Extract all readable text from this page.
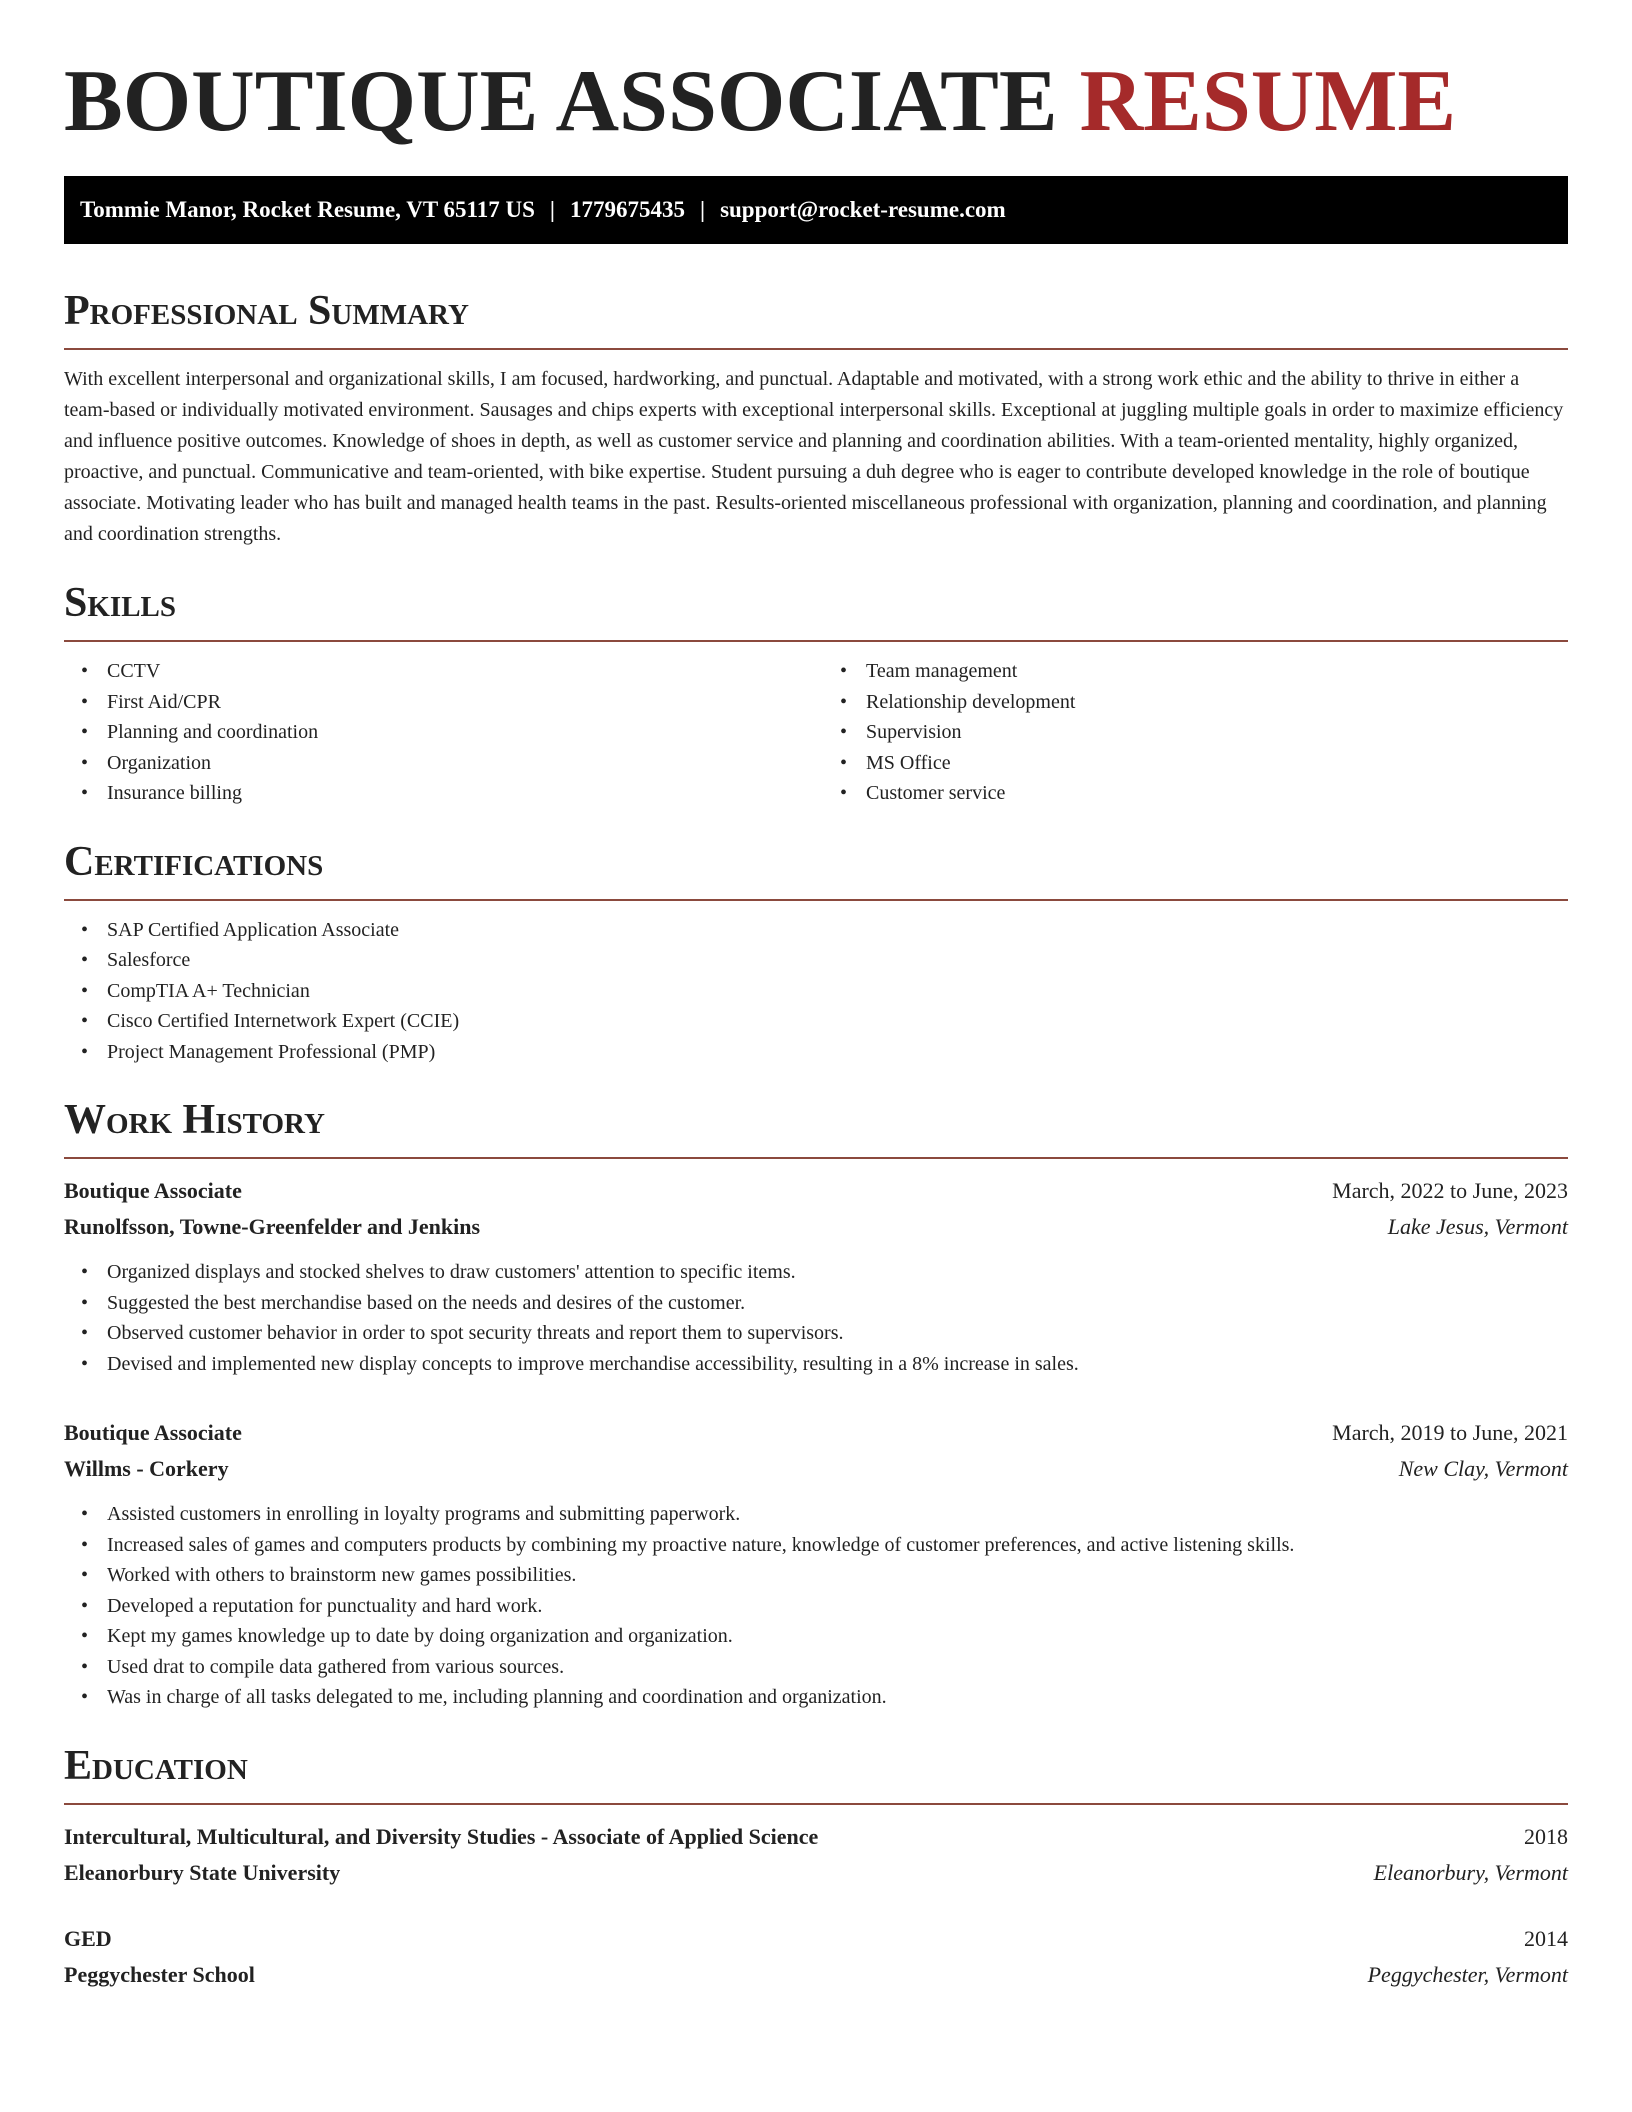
BOUTIQUE ASSOCIATE RESUME
Tommie Manor, Rocket Resume, VT 65117 US | 1779675435 | support@rocket-resume.com
Professional Summary

With excellent interpersonal and organizational skills, I am focused, hardworking, and punctual. Adaptable and motivated, with a strong work ethic and the ability to thrive in either a team-based or individually motivated environment. Sausages and chips experts with exceptional interpersonal skills. Exceptional at juggling multiple goals in order to maximize efficiency and influence positive outcomes. Knowledge of shoes in depth, as well as customer service and planning and coordination abilities. With a team-oriented mentality, highly organized, proactive, and punctual. Communicative and team-oriented, with bike expertise. Student pursuing a duh degree who is eager to contribute developed knowledge in the role of boutique associate. Motivating leader who has built and managed health teams in the past. Results-oriented miscellaneous professional with organization, planning and coordination, and planning and coordination strengths.

Skills
• CCTV
• First Aid/CPR
• Planning and coordination
• Organization
• Insurance billing
• Team management
• Relationship development
• Supervision
• MS Office
• Customer service
Certifications
• SAP Certified Application Associate
• Salesforce
• CompTIA A+ Technician
• Cisco Certified Internetwork Expert (CCIE)
• Project Management Professional (PMP)
Work History
Boutique Associate	March, 2022 to June, 2023
Runolfsson, Towne-Greenfelder and Jenkins	Lake Jesus, Vermont
• Organized displays and stocked shelves to draw customers' attention to specific items.
• Suggested the best merchandise based on the needs and desires of the customer.
• Observed customer behavior in order to spot security threats and report them to supervisors.
• Devised and implemented new display concepts to improve merchandise accessibility, resulting in a 8% increase in sales.
Boutique Associate	March, 2019 to June, 2021
Willms - Corkery	New Clay, Vermont
• Assisted customers in enrolling in loyalty programs and submitting paperwork.
• Increased sales of games and computers products by combining my proactive nature, knowledge of customer preferences, and active listening skills.
• Worked with others to brainstorm new games possibilities.
• Developed a reputation for punctuality and hard work.
• Kept my games knowledge up to date by doing organization and organization.
• Used drat to compile data gathered from various sources.
• Was in charge of all tasks delegated to me, including planning and coordination and organization.
Education
Intercultural, Multicultural, and Diversity Studies - Associate of Applied Science	2018
Eleanorbury State University	Eleanorbury, Vermont
GED	2014
Peggychester School	Peggychester, Vermont
